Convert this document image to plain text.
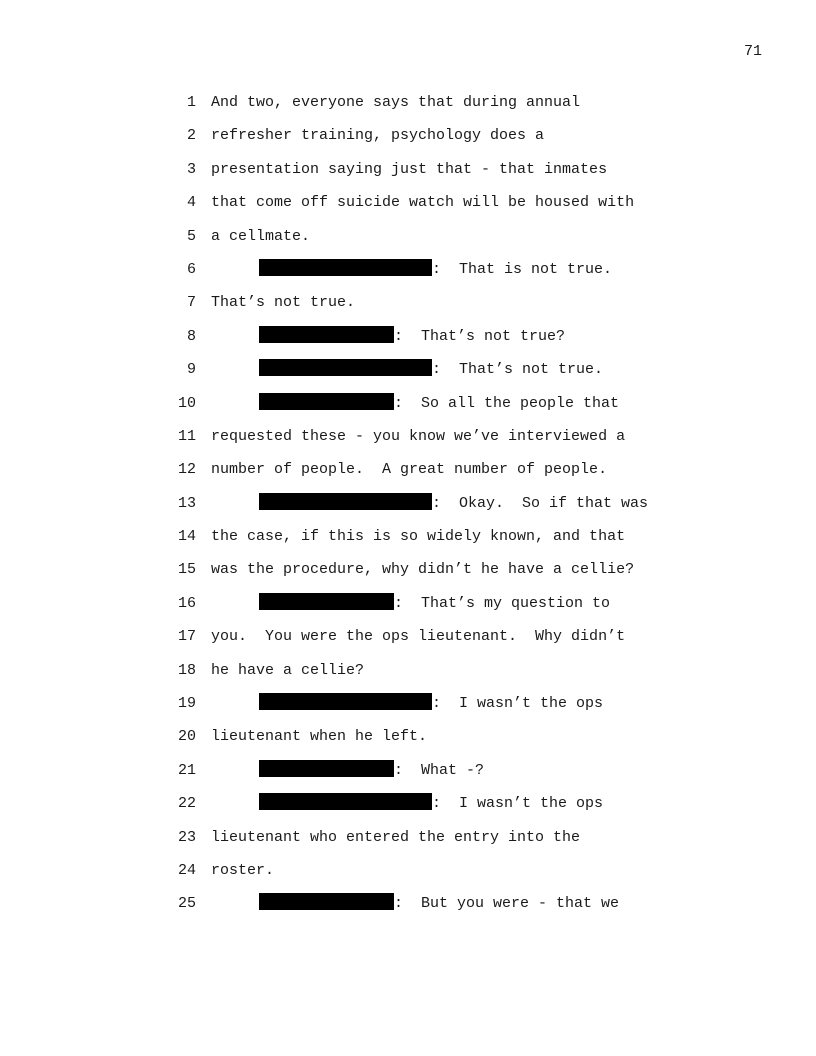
71
1 And two, everyone says that during annual
2 refresher training, psychology does a
3 presentation saying just that - that inmates
4 that come off suicide watch will be housed with
5 a cellmate.
6	:  That is not true.
7 That’s not true.
8	:  That’s not true?
9	:  That’s not true.
10	:  So all the people that
11 requested these - you know we’ve interviewed a
12 number of people.  A great number of people.
13	:  Okay.  So if that was
14 the case, if this is so widely known, and that
15 was the procedure, why didn’t he have a cellie?
16	:  That’s my question to
17 you.  You were the ops lieutenant.  Why didn’t
18 he have a cellie?
19	:  I wasn’t the ops
20 lieutenant when he left.
21	:  What -?
22	:  I wasn’t the ops
23 lieutenant who entered the entry into the
24 roster.
25	:  But you were - that we
